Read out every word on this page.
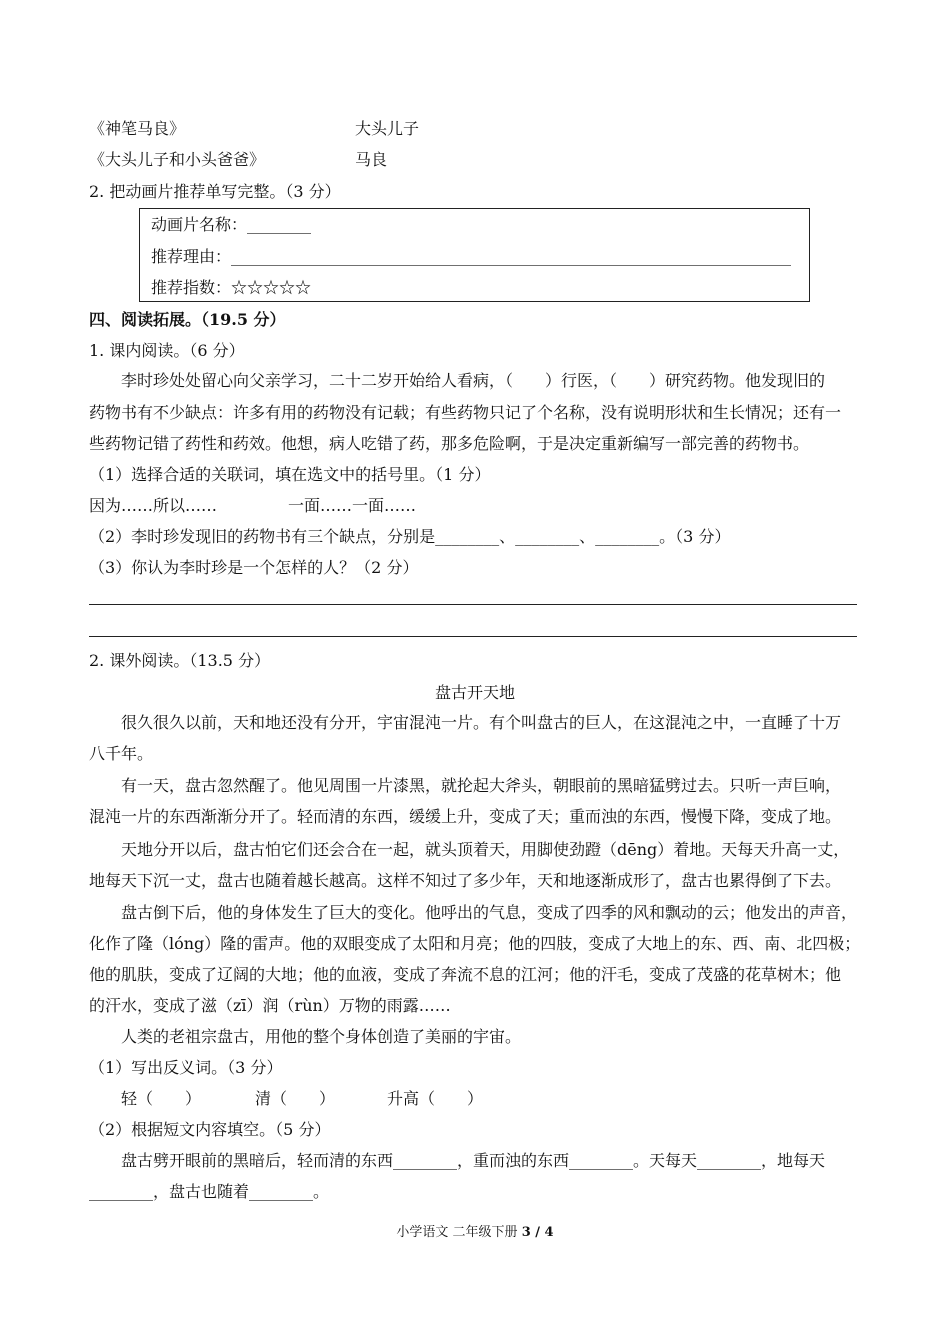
《神笔马良》	大头儿子
《大头儿子和小头爸爸》	马良
2. 把动画片推荐单写完整。（3 分）
动画片名称：________
推荐理由：______________________________________________________________________
推荐指数：☆☆☆☆☆
四、阅读拓展。（19.5 分）
1. 课内阅读。（6 分）
李时珍处处留心向父亲学习，二十二岁开始给人看病，（　　）行医，（　　）研究药物。他发现旧的
药物书有不少缺点：许多有用的药物没有记载；有些药物只记了个名称，没有说明形状和生长情况；还有一
些药物记错了药性和药效。他想，病人吃错了药，那多危险啊，于是决定重新编写一部完善的药物书。
（1）选择合适的关联词，填在选文中的括号里。（1 分）
因为……所以……	一面……一面……
（2）李时珍发现旧的药物书有三个缺点，分别是________、________、________。（3 分）
（3）你认为李时珍是一个怎样的人？（2 分）
2. 课外阅读。（13.5 分）
盘古开天地
很久很久以前，天和地还没有分开，宇宙混沌一片。有个叫盘古的巨人，在这混沌之中，一直睡了十万
八千年。
有一天，盘古忽然醒了。他见周围一片漆黑，就抡起大斧头，朝眼前的黑暗猛劈过去。只听一声巨响，
混沌一片的东西渐渐分开了。轻而清的东西，缓缓上升，变成了天；重而浊的东西，慢慢下降，变成了地。
天地分开以后，盘古怕它们还会合在一起，就头顶着天，用脚使劲蹬（dēng）着地。天每天升高一丈，
地每天下沉一丈，盘古也随着越长越高。这样不知过了多少年，天和地逐渐成形了，盘古也累得倒了下去。
盘古倒下后，他的身体发生了巨大的变化。他呼出的气息，变成了四季的风和飘动的云；他发出的声音，
化作了隆（lóng）隆的雷声。他的双眼变成了太阳和月亮；他的四肢，变成了大地上的东、西、南、北四极；
他的肌肤，变成了辽阔的大地；他的血液，变成了奔流不息的江河；他的汗毛，变成了茂盛的花草树木；他
的汗水，变成了滋（zī）润（rùn）万物的雨露……
人类的老祖宗盘古，用他的整个身体创造了美丽的宇宙。
（1）写出反义词。（3 分）
轻（　　）	清（　　）	升高（　　）
（2）根据短文内容填空。（5 分）
盘古劈开眼前的黑暗后，轻而清的东西________，重而浊的东西________。天每天________，地每天
________，盘古也随着________。
小学语文 二年级下册 3 / 4
